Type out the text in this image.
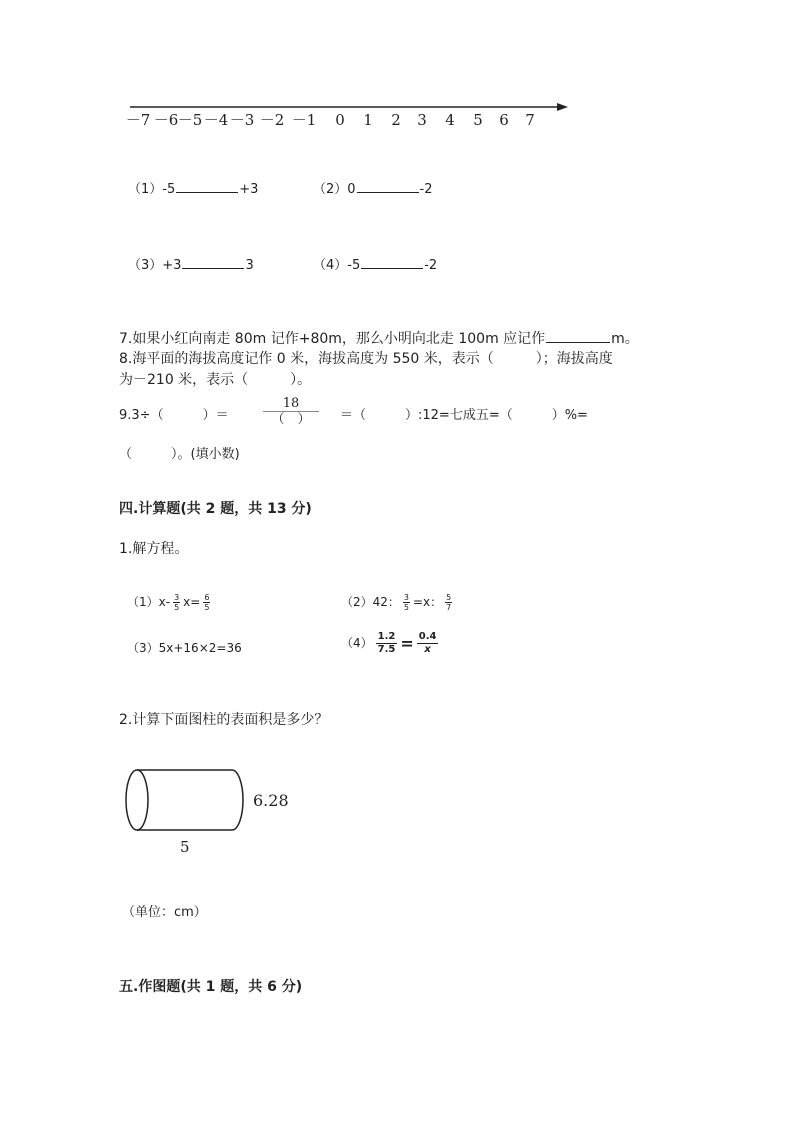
－7 －6 －5 －4 －3 －2 －1 0 1 2 3 4 5 6 7
（1）-5	+3	（2）0	-2
（3）+3	3	（4）-5	-2
7.如果小红向南走 80m 记作+80m，那么小明向北走 100m 应记作	m。
8.海平面的海拔高度记作 0 米，海拔高度为 550 米，表示（　　　）；海拔高度
为－210 米，表示（　　　）。
9.3÷（　　　）＝
18
（　）	＝（　　　）:12=七成五=（　　　）%=
（　　　）。(填小数)
四.计算题(共 2 题，共 13 分)
1.解方程。
$(1)x- \frac{3}{5} x= \frac{6}{5}$	（2）42： $\frac{3}{5} =x$： $\frac{5}{7}$
（3）5x+16×2=36	$(4) \frac{1.2}{7.5} = \frac{0.4}{x}$
2.计算下面图柱的表面积是多少？
6.28
5
（单位：cm）
五.作图题(共 1 题，共 6 分)
